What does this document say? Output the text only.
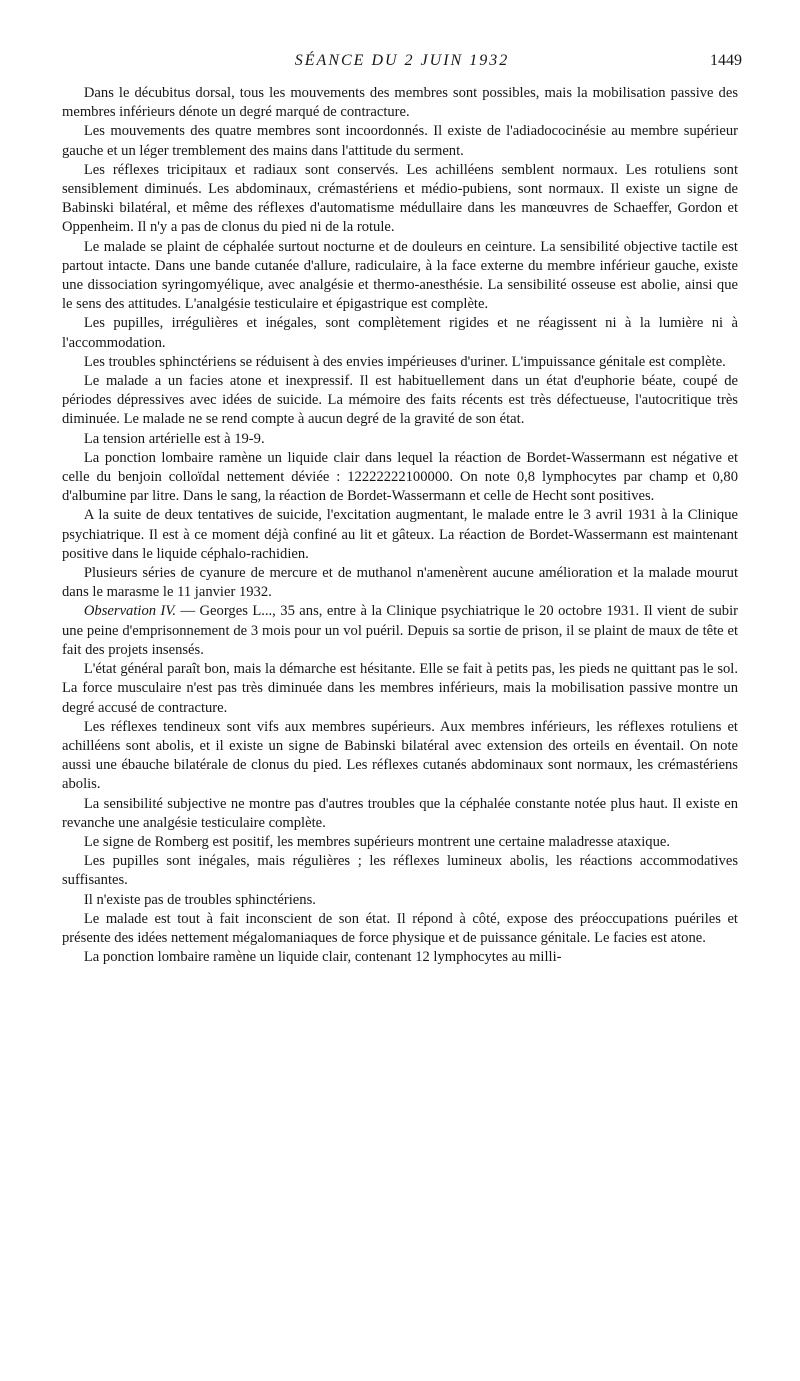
SÉANCE DU 2 JUIN 1932	1449

Dans le décubitus dorsal, tous les mouvements des membres sont possibles, mais la mobilisation passive des membres inférieurs dénote un degré marqué de contracture.

Les mouvements des quatre membres sont incoordonnés. Il existe de l'adiadococinésie au membre supérieur gauche et un léger tremblement des mains dans l'attitude du serment.

Les réflexes tricipitaux et radiaux sont conservés. Les achilléens semblent normaux. Les rotuliens sont sensiblement diminués. Les abdominaux, crémastériens et médio-pubiens, sont normaux. Il existe un signe de Babinski bilatéral, et même des réflexes d'automatisme médullaire dans les manœuvres de Schaeffer, Gordon et Oppenheim. Il n'y a pas de clonus du pied ni de la rotule.

Le malade se plaint de céphalée surtout nocturne et de douleurs en ceinture. La sensibilité objective tactile est partout intacte. Dans une bande cutanée d'allure, radiculaire, à la face externe du membre inférieur gauche, existe une dissociation syringomyélique, avec analgésie et thermo-anesthésie. La sensibilité osseuse est abolie, ainsi que le sens des attitudes. L'analgésie testiculaire et épigastrique est complète.

Les pupilles, irrégulières et inégales, sont complètement rigides et ne réagissent ni à la lumière ni à l'accommodation.

Les troubles sphinctériens se réduisent à des envies impérieuses d'uriner. L'impuissance génitale est complète.

Le malade a un facies atone et inexpressif. Il est habituellement dans un état d'euphorie béate, coupé de périodes dépressives avec idées de suicide. La mémoire des faits récents est très défectueuse, l'autocritique très diminuée. Le malade ne se rend compte à aucun degré de la gravité de son état.

La tension artérielle est à 19-9.

La ponction lombaire ramène un liquide clair dans lequel la réaction de Bordet-Wassermann est négative et celle du benjoin colloïdal nettement déviée : 12222222100000. On note 0,8 lymphocytes par champ et 0,80 d'albumine par litre. Dans le sang, la réaction de Bordet-Wassermann et celle de Hecht sont positives.

A la suite de deux tentatives de suicide, l'excitation augmentant, le malade entre le 3 avril 1931 à la Clinique psychiatrique. Il est à ce moment déjà confiné au lit et gâteux. La réaction de Bordet-Wassermann est maintenant positive dans le liquide céphalo-rachidien.

Plusieurs séries de cyanure de mercure et de muthanol n'amenèrent aucune amélioration et la malade mourut dans le marasme le 11 janvier 1932.

Observation IV. — Georges L..., 35 ans, entre à la Clinique psychiatrique le 20 octobre 1931. Il vient de subir une peine d'emprisonnement de 3 mois pour un vol puéril. Depuis sa sortie de prison, il se plaint de maux de tête et fait des projets insensés.

L'état général paraît bon, mais la démarche est hésitante. Elle se fait à petits pas, les pieds ne quittant pas le sol. La force musculaire n'est pas très diminuée dans les membres inférieurs, mais la mobilisation passive montre un degré accusé de contracture.

Les réflexes tendineux sont vifs aux membres supérieurs. Aux membres inférieurs, les réflexes rotuliens et achilléens sont abolis, et il existe un signe de Babinski bilatéral avec extension des orteils en éventail. On note aussi une ébauche bilatérale de clonus du pied. Les réflexes cutanés abdominaux sont normaux, les crémastériens abolis.

La sensibilité subjective ne montre pas d'autres troubles que la céphalée constante notée plus haut. Il existe en revanche une analgésie testiculaire complète.

Le signe de Romberg est positif, les membres supérieurs montrent une certaine maladresse ataxique.

Les pupilles sont inégales, mais régulières ; les réflexes lumineux abolis, les réactions accommodatives suffisantes.

Il n'existe pas de troubles sphinctériens.

Le malade est tout à fait inconscient de son état. Il répond à côté, expose des préoccupations puériles et présente des idées nettement mégalomaniaques de force physique et de puissance génitale. Le facies est atone.

La ponction lombaire ramène un liquide clair, contenant 12 lymphocytes au milli-
